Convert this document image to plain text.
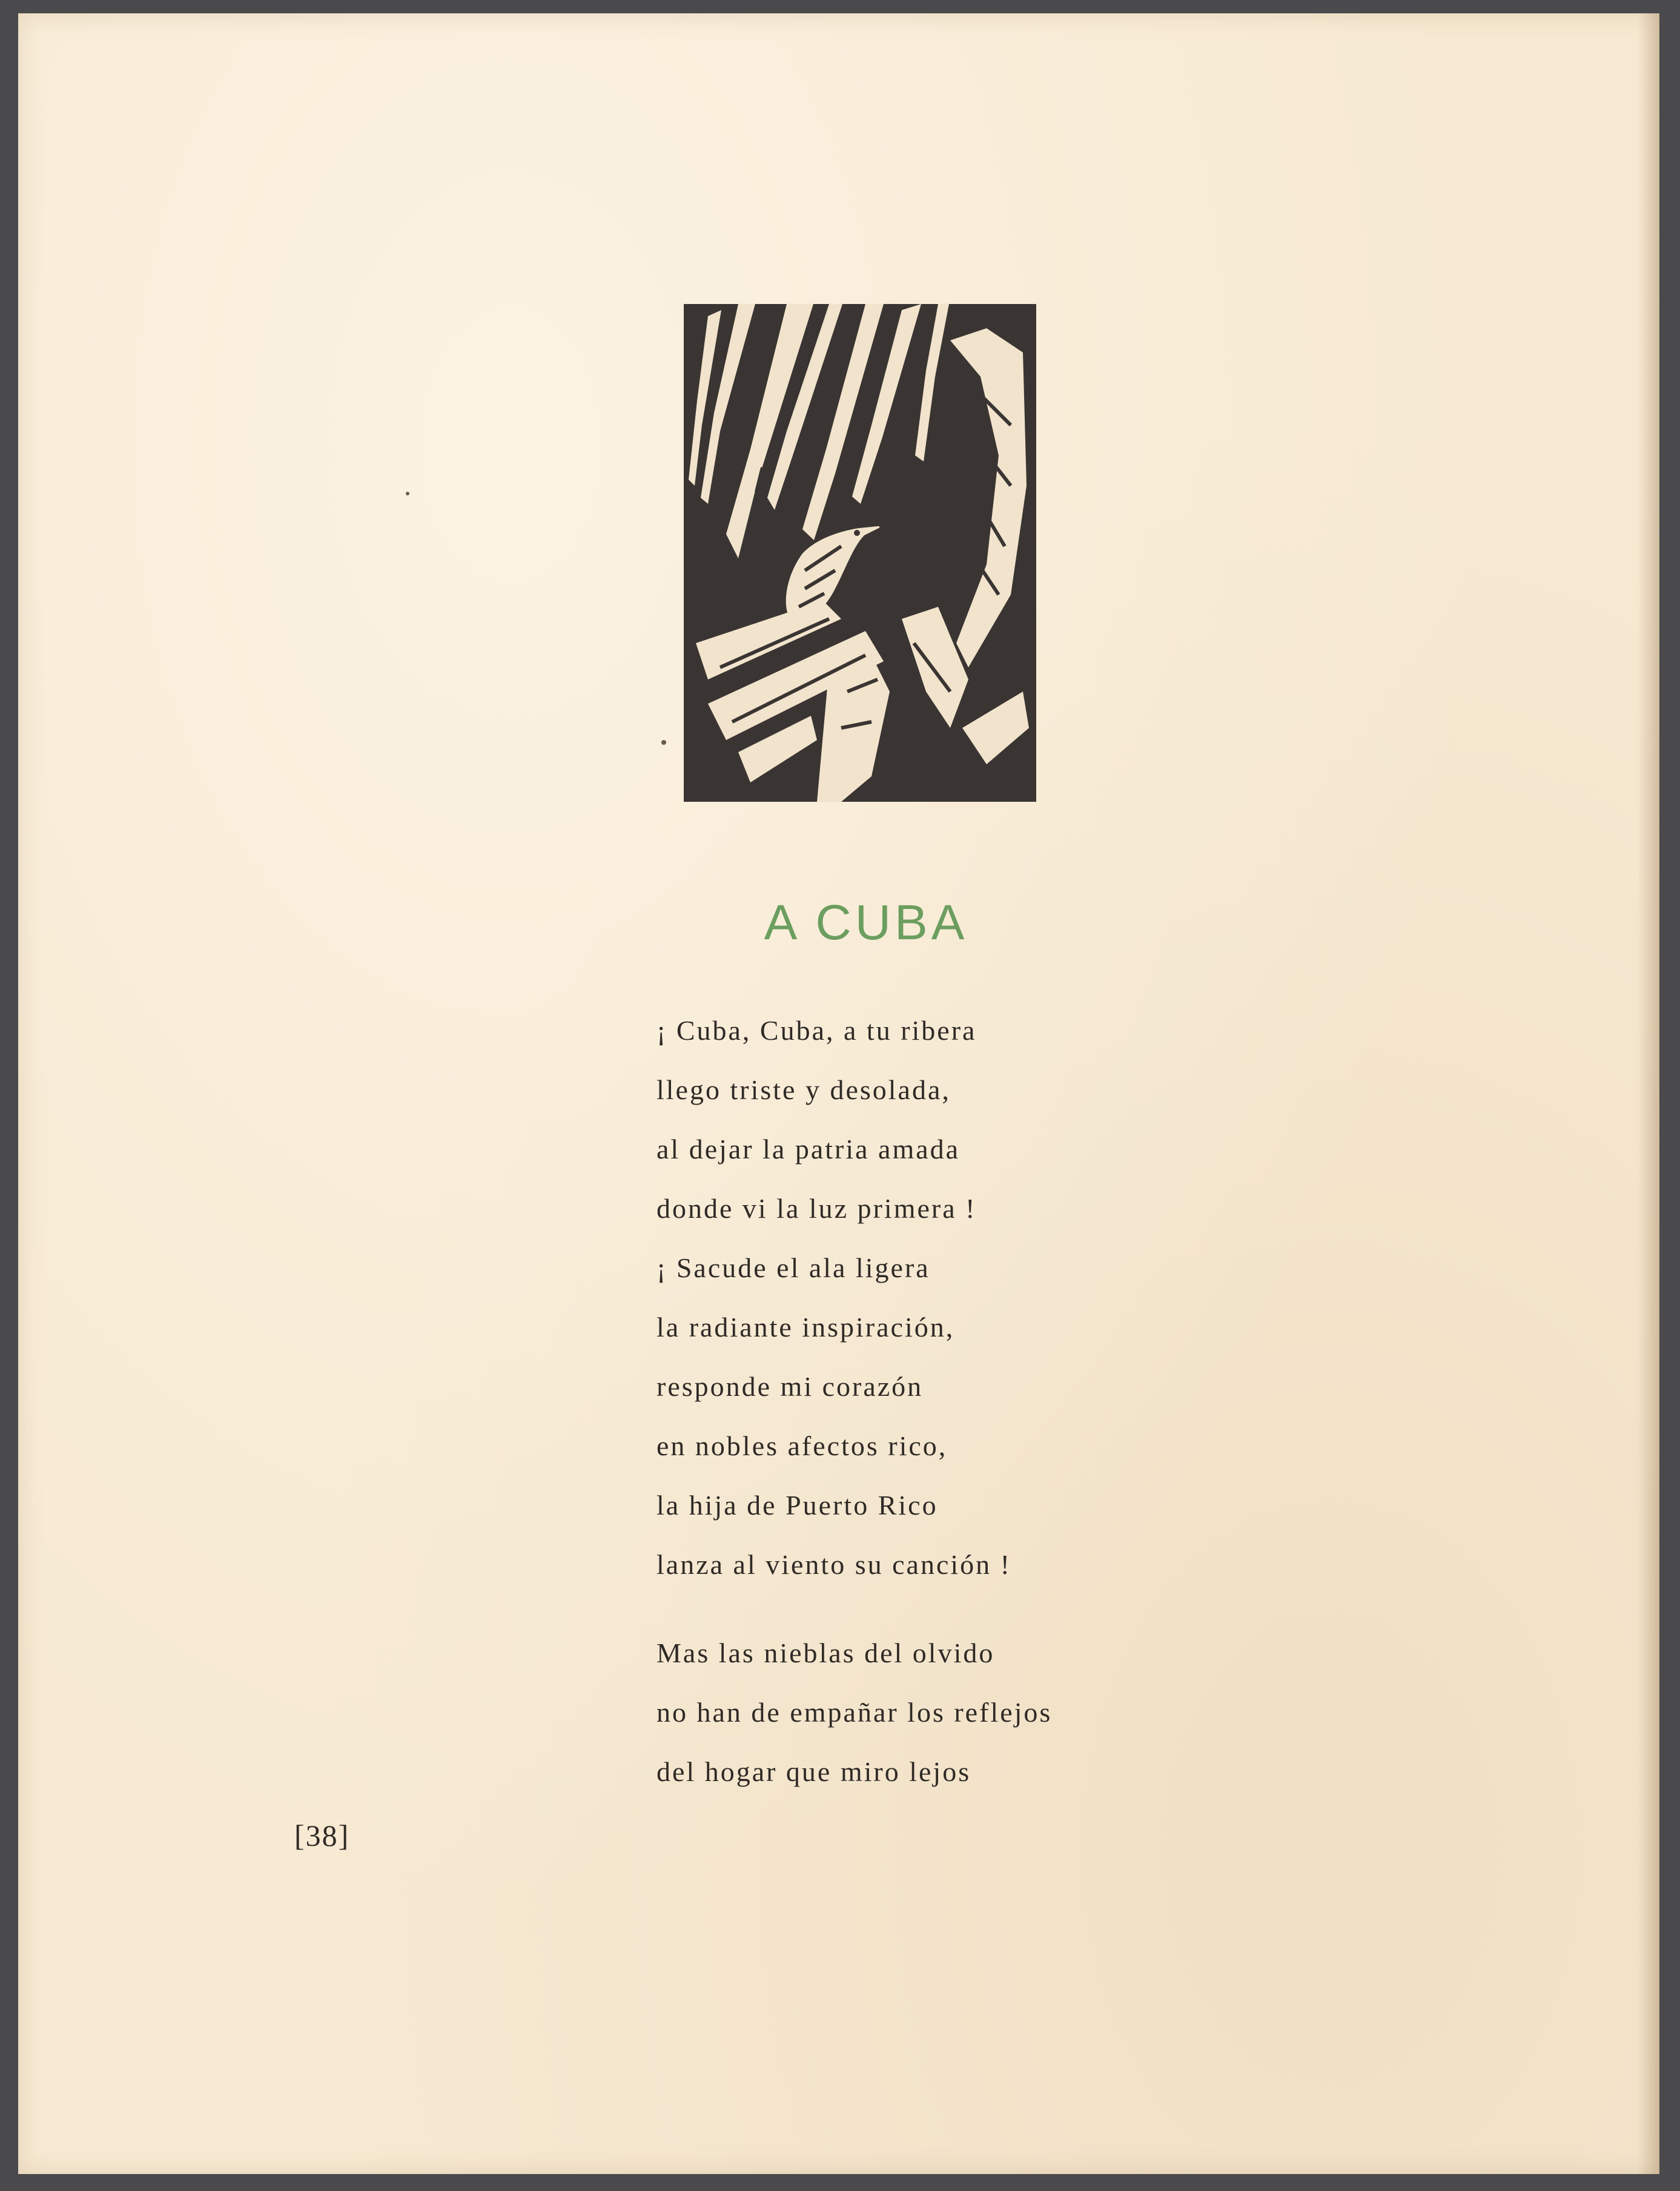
A CUBA
¡ Cuba, Cuba, a tu ribera
llego triste y desolada,
al dejar la patria amada
donde vi la luz primera !
¡ Sacude el ala ligera
la radiante inspiración,
responde mi corazón
en nobles afectos rico,
la hija de Puerto Rico
lanza al viento su canción !
Mas las nieblas del olvido
no han de empañar los reflejos
del hogar que miro lejos
[38]
